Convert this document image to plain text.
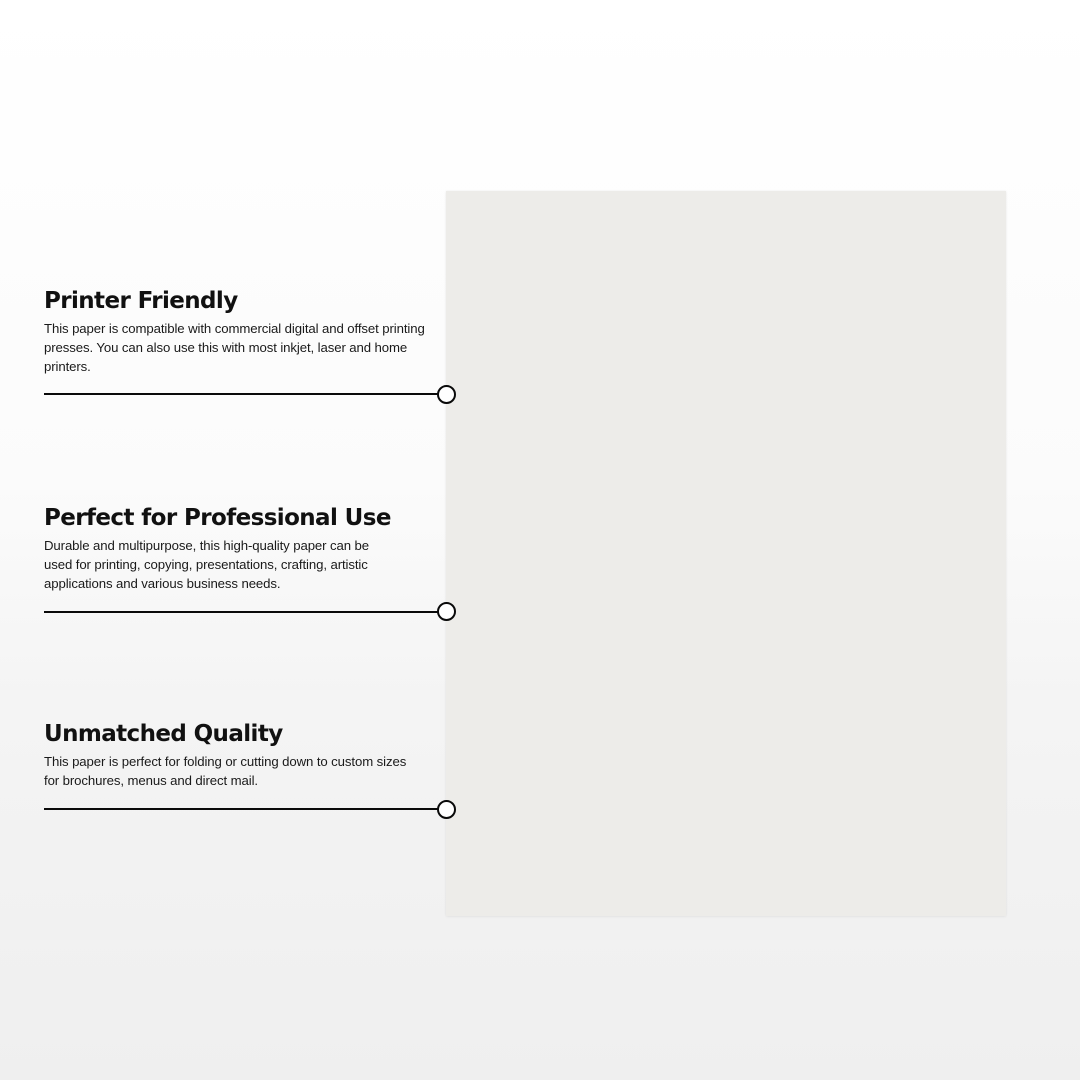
Printer Friendly

This paper is compatible with commercial digital and offset printing presses. You can also use this with most inkjet, laser and home printers.

Perfect for Professional Use

Durable and multipurpose, this high-quality paper can be used for printing, copying, presentations, crafting, artistic applications and various business needs.

Unmatched Quality

This paper is perfect for folding or cutting down to custom sizes for brochures, menus and direct mail.
